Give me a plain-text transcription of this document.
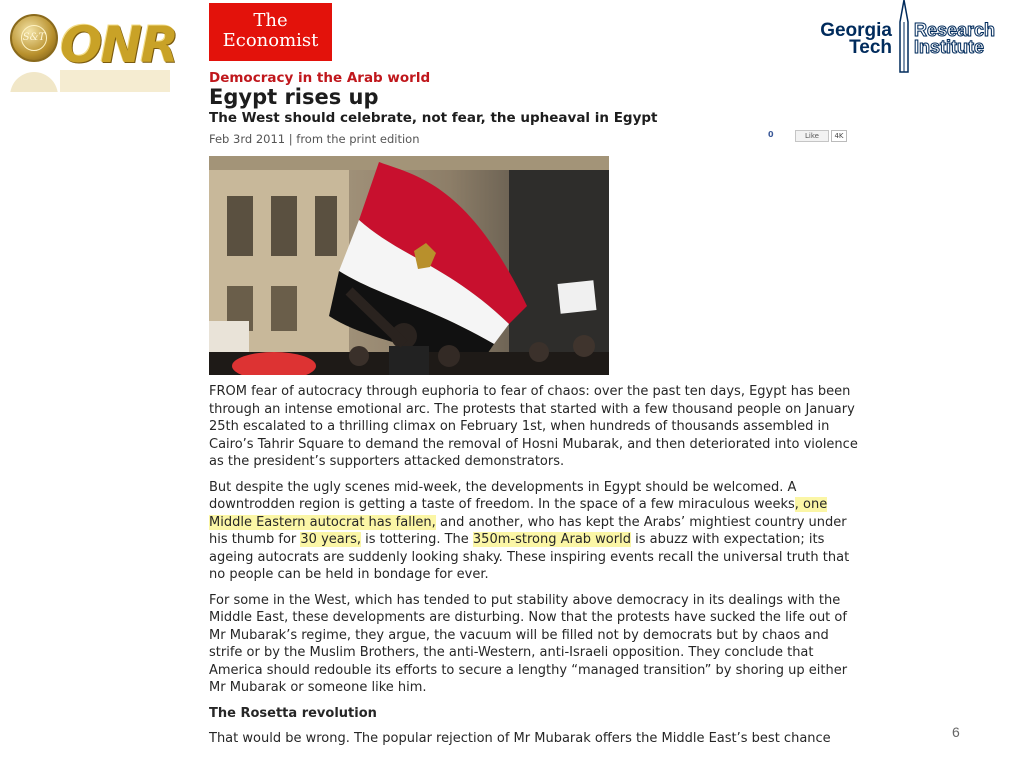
S&T ONR	The
Economist	Georgia
Tech
Research
Institute
Democracy in the Arab world
Egypt rises up
The West should celebrate, not fear, the upheaval in Egypt
Feb 3rd 2011 | from the print edition	0	Like	4K

FROM fear of autocracy through euphoria to fear of chaos: over the past ten days, Egypt has been through an intense emotional arc. The protests that started with a few thousand people on January 25th escalated to a thrilling climax on February 1st, when hundreds of thousands assembled in Cairo’s Tahrir Square to demand the removal of Hosni Mubarak, and then deteriorated into violence as the president’s supporters attacked demonstrators.

But despite the ugly scenes mid-week, the developments in Egypt should be welcomed. A downtrodden region is getting a taste of freedom. In the space of a few miraculous weeks, one Middle Eastern autocrat has fallen, and another, who has kept the Arabs’ mightiest country under his thumb for 30 years, is tottering. The 350m-strong Arab world is abuzz with expectation; its ageing autocrats are suddenly looking shaky. These inspiring events recall the universal truth that no people can be held in bondage for ever.

For some in the West, which has tended to put stability above democracy in its dealings with the Middle East, these developments are disturbing. Now that the protests have sucked the life out of Mr Mubarak’s regime, they argue, the vacuum will be filled not by democrats but by chaos and strife or by the Muslim Brothers, the anti-Western, anti-Israeli opposition. They conclude that America should redouble its efforts to secure a lengthy “managed transition” by shoring up either Mr Mubarak or someone like him.

The Rosetta revolution

That would be wrong. The popular rejection of Mr Mubarak offers the Middle East’s best chance	6
